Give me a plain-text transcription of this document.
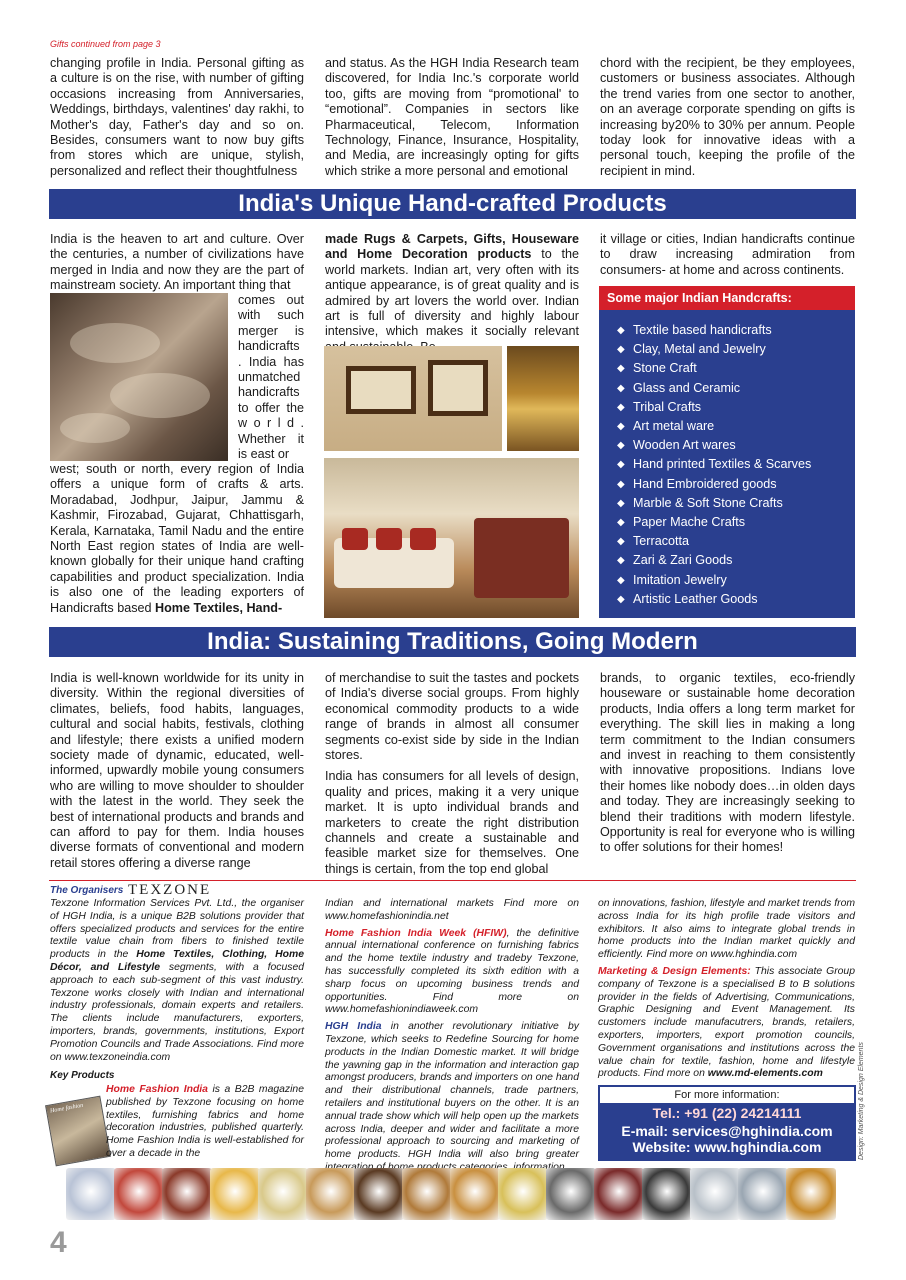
Gifts continued from page 3
changing profile in India. Personal gifting as a culture is on the rise, with number of gifting occasions increasing from Anniversaries, Weddings, birthdays, valentines' day rakhi, to Mother's day, Father's day and so on. Besides, consumers want to now buy gifts from stores which are unique, stylish, personalized and reflect their thoughtfulness
and status. As the HGH India Research team discovered, for India Inc.'s corporate world too, gifts are moving from “promotional' to “emotional”. Companies in sectors like Pharmaceutical, Telecom, Information Technology, Finance, Insurance, Hospitality, and Media, are increasingly opting for gifts which strike a more personal and emotional
chord with the recipient, be they employees, customers or business associates. Although the trend varies from one sector to another, on an average corporate spending on gifts is increasing by20% to 30% per annum. People today look for innovative ideas with a personal touch, keeping the profile of the recipient in mind.
India's Unique Hand-crafted Products
India is the heaven to art and culture. Over the centuries, a number of civilizations have merged in India and now they are the part of mainstream society. An important thing that
comes out with such merger is handicrafts . India has unmatched handicrafts to offer the w o r l d . Whether it is east or
west; south or north, every region of India offers a unique form of crafts & arts. Moradabad, Jodhpur, Jaipur, Jammu & Kashmir, Firozabad, Gujarat, Chhattisgarh, Kerala, Karnataka, Tamil Nadu and the entire North East region states of India are well-known globally for their unique hand crafting capabilities and product specialization. India is also one of the leading exporters of Handicrafts based Home Textiles, Hand-
made Rugs & Carpets, Gifts, Houseware and Home Decoration products to the world markets. Indian art, very often with its antique appearance, is of great quality and is admired by art lovers the world over. Indian art is full of diversity and highly labour intensive, which makes it socially relevant
it village or cities, Indian handicrafts continue to draw increasing admiration from consumers- at home and across continents.
Some major Indian Handcrafts:
◆ Textile based handicrafts
◆ Clay, Metal and Jewelry
◆ Stone Craft
◆ Glass and Ceramic
◆ Tribal Crafts
◆ Art metal ware
◆ Wooden Art wares
◆ Hand printed Textiles & Scarves
◆ Hand Embroidered goods
◆ Marble & Soft Stone Crafts
◆ Paper Mache Crafts
◆ Terracotta
◆ Zari & Zari Goods
◆ Imitation Jewelry
◆ Artistic Leather Goods
India: Sustaining Traditions, Going Modern
India is well-known worldwide for its unity in diversity. Within the regional diversities of climates, beliefs, food habits, languages, cultural and social habits, festivals, clothing and lifestyle; there exists a unified modern society made of dynamic, educated, well-informed, upwardly mobile young consumers who are willing to move shoulder to shoulder with the latest in the world. They seek the best of international products and brands and can afford to pay for them. India houses diverse formats of conventional and modern retail stores offering a diverse range

of merchandise to suit the tastes and pockets of India's diverse social groups. From highly economical commodity products to a wide range of brands in almost all consumer segments co-exist side by side in the Indian stores.

India has consumers for all levels of design, quality and prices, making it a very unique market. It is upto individual brands and marketers to create the right distribution channels and create a sustainable and feasible market size for themselves. One things is certain, from the top end global

brands, to organic textiles, eco-friendly houseware or sustainable home decoration products, India offers a long term market for everything. The skill lies in making a long term commitment to the Indian consumers and invest in reaching to them consistently with innovative propositions. Indians love their homes like nobody does…in olden days and today. They are increasingly seeking to blend their traditions with modern lifestyle. Opportunity is real for everyone who is willing to offer solutions for their homes!
The Organisers TEXZONE
Texzone Information Services Pvt. Ltd., the organiser of HGH India, is a unique B2B solutions provider that offers specialized products and services for the entire textile value chain from fibers to finished textile products in the Home Textiles, Clothing, Home Décor, and Lifestyle segments, with a focused approach to each sub-segment of this vast industry. Texzone works closely with Indian and international industry professionals, domain experts and retailers. The clients include manufacturers, exporters, importers, brands, governments, institutions, Export Promotion Councils and Trade Associations. Find more on www.texzoneindia.com
Key Products
Home fashion
Home Fashion India is a B2B magazine published by Texzone focusing on home textiles, furnishing fabrics and home decoration industries, published quarterly. Home Fashion India is well-established for over a decade in the

Indian and international markets Find more on www.homefashionindia.net

Home Fashion India Week (HFIW), the definitive annual international conference on furnishing fabrics and the home textile industry and tradeby Texzone, has successfully completed its sixth edition with a sharp focus on upcoming business trends and opportunities. Find more on www.homefashionindiaweek.com

HGH India in another revolutionary initiative by Texzone, which seeks to Redefine Sourcing for home products in the Indian Domestic market. It will bridge the yawning gap in the information and interaction gap amongst producers, brands and importers on one hand and their distributional channels, trade partners, retailers and institutional buyers on the other. It is an annual trade show which will help open up the markets across India, deeper and wider and facilitate a more professional approach to sourcing and marketing of home products. HGH India will also bring greater

on innovations, fashion, lifestyle and market trends from across India for its high profile trade visitors and exhibitors. It also aims to integrate global trends in home products into the Indian market quickly and efficiently. Find more on www.hghindia.com

Marketing & Design Elements: This associate Group company of Texzone is a specialised B to B solutions provider in the fields of Advertising, Communications, Graphic Designing and Event Management. Its customers include manufacutrers, brands, retailers, exporters, importers, export promotion councils, Government organisations and institutions across the value chain for textile, fashion, home and lifestyle products. Find more on www.md-elements.com

For more information:
Tel.: +91 (22) 24214111
E-mail: services@hghindia.com
Website: www.hghindia.com	Design: Marketing & Design Elements
4
